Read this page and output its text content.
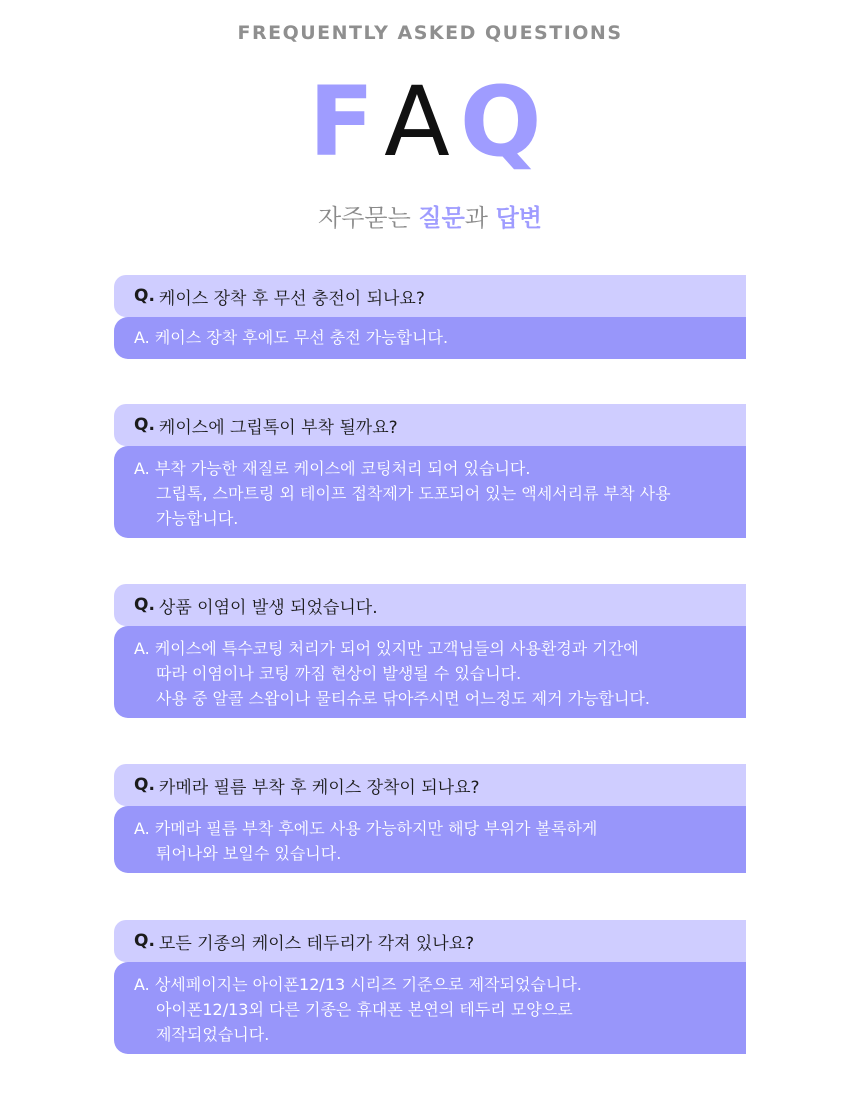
FREQUENTLY ASKED QUESTIONS
FAQ
자주묻는 질문과 답변
Q. 케이스 장착 후 무선 충전이 되나요?
A. 케이스 장착 후에도 무선 충전 가능합니다.
Q. 케이스에 그립톡이 부착 될까요?
A. 부착 가능한 재질로 케이스에 코팅처리 되어 있습니다.
그립톡, 스마트링 외 테이프 접착제가 도포되어 있는 액세서리류 부착 사용
가능합니다.
Q. 상품 이염이 발생 되었습니다.
A. 케이스에 특수코팅 처리가 되어 있지만 고객님들의 사용환경과 기간에
따라 이염이나 코팅 까짐 현상이 발생될 수 있습니다.
사용 중 알콜 스왑이나 물티슈로 닦아주시면 어느정도 제거 가능합니다.
Q. 카메라 필름 부착 후 케이스 장착이 되나요?
A. 카메라 필름 부착 후에도 사용 가능하지만 해당 부위가 볼록하게
튀어나와 보일수 있습니다.
Q. 모든 기종의 케이스 테두리가 각져 있나요?
A. 상세페이지는 아이폰12/13 시리즈 기준으로 제작되었습니다.
아이폰12/13외 다른 기종은 휴대폰 본연의 테두리 모양으로
제작되었습니다.
